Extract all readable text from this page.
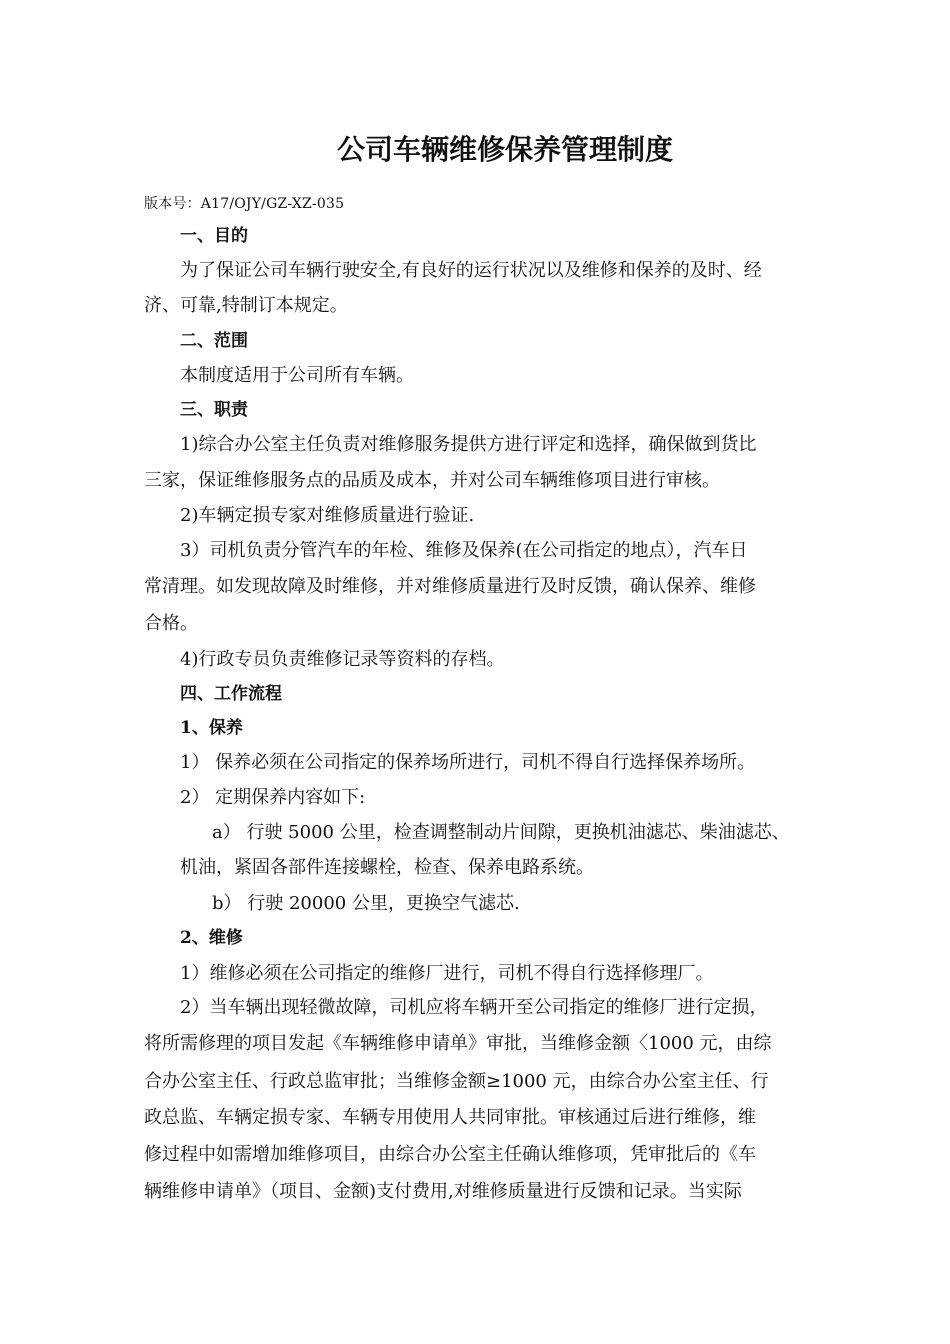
公司车辆维修保养管理制度
版本号：A17/OJY/GZ-XZ-035
一、目的
为了保证公司车辆行驶安全,有良好的运行状况以及维修和保养的及时、经
济、可靠,特制订本规定。
二、范围
本制度适用于公司所有车辆。
三、职责
1)综合办公室主任负责对维修服务提供方进行评定和选择，确保做到货比
三家，保证维修服务点的品质及成本，并对公司车辆维修项目进行审核。
2)车辆定损专家对维修质量进行验证.
3）司机负责分管汽车的年检、维修及保养(在公司指定的地点），汽车日
常清理。如发现故障及时维修，并对维修质量进行及时反馈，确认保养、维修
合格。
4)行政专员负责维修记录等资料的存档。
四、工作流程
1、保养
1） 保养必须在公司指定的保养场所进行，司机不得自行选择保养场所。
2） 定期保养内容如下:
a） 行驶 5000 公里，检查调整制动片间隙，更换机油滤芯、柴油滤芯、
机油，紧固各部件连接螺栓，检查、保养电路系统。
b） 行驶 20000 公里，更换空气滤芯.
2、维修
1）维修必须在公司指定的维修厂进行，司机不得自行选择修理厂。
2）当车辆出现轻微故障，司机应将车辆开至公司指定的维修厂进行定损，
将所需修理的项目发起《车辆维修申请单》审批，当维修金额〈1000 元，由综
合办公室主任、行政总监审批；当维修金额≥1000 元，由综合办公室主任、行
政总监、车辆定损专家、车辆专用使用人共同审批。审核通过后进行维修，维
修过程中如需增加维修项目，由综合办公室主任确认维修项，凭审批后的《车
辆维修申请单》（项目、金额)支付费用,对维修质量进行反馈和记录。当实际
